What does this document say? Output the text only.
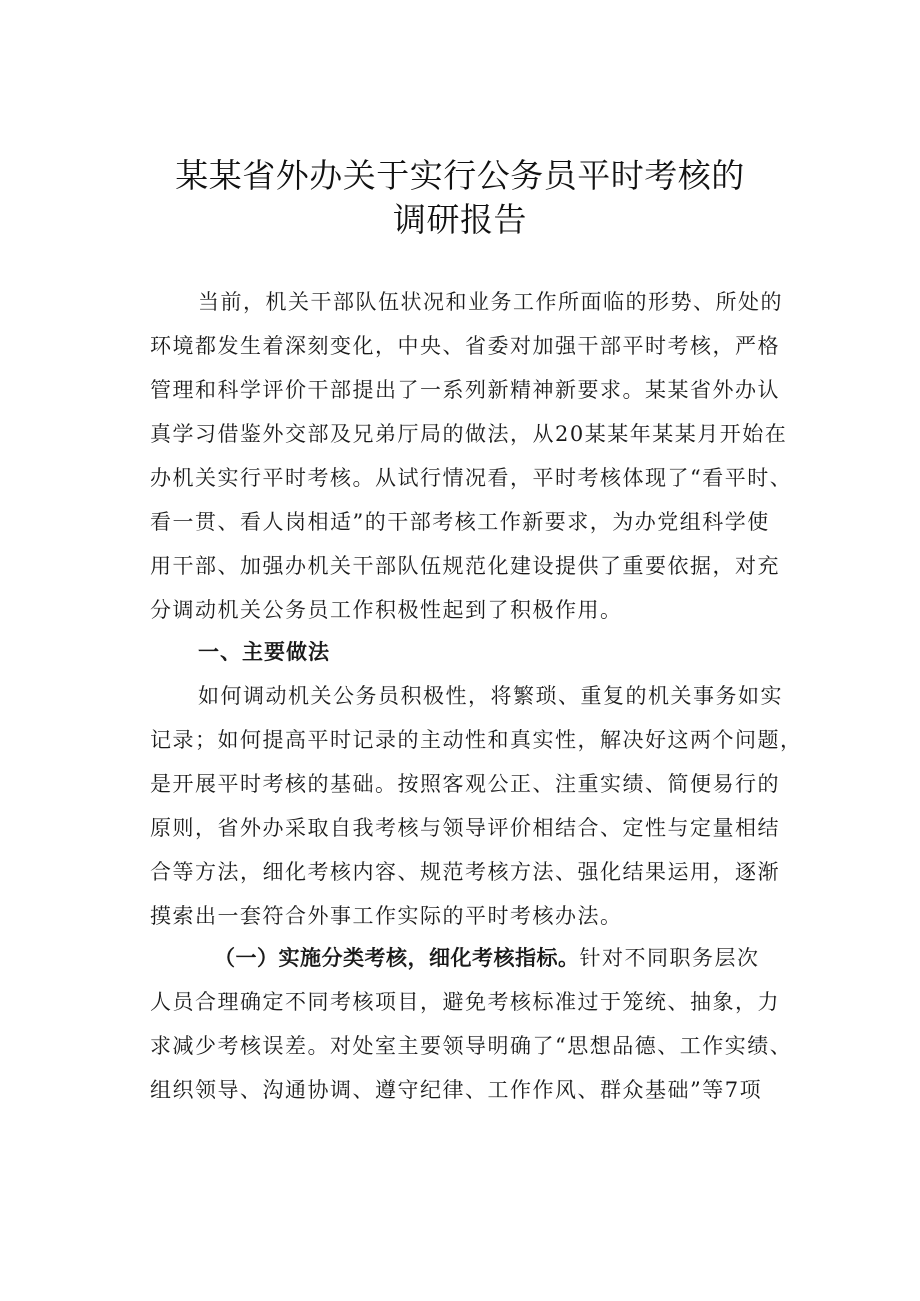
某某省外办关于实行公务员平时考核的
调研报告
当前，机关干部队伍状况和业务工作所面临的形势、所处的
环境都发生着深刻变化，中央、省委对加强干部平时考核，严格
管理和科学评价干部提出了一系列新精神新要求。某某省外办认
真学习借鉴外交部及兄弟厅局的做法，从20某某年某某月开始在
办机关实行平时考核。从试行情况看，平时考核体现了“看平时、
看一贯、看人岗相适”的干部考核工作新要求，为办党组科学使
用干部、加强办机关干部队伍规范化建设提供了重要依据，对充
分调动机关公务员工作积极性起到了积极作用。
一、主要做法
如何调动机关公务员积极性，将繁琐、重复的机关事务如实
记录；如何提高平时记录的主动性和真实性，解决好这两个问题，
是开展平时考核的基础。按照客观公正、注重实绩、简便易行的
原则，省外办采取自我考核与领导评价相结合、定性与定量相结
合等方法，细化考核内容、规范考核方法、强化结果运用，逐渐
摸索出一套符合外事工作实际的平时考核办法。
（一）实施分类考核，细化考核指标。针对不同职务层次
人员合理确定不同考核项目，避免考核标准过于笼统、抽象，力
求减少考核误差。对处室主要领导明确了“思想品德、工作实绩、
组织领导、沟通协调、遵守纪律、工作作风、群众基础”等7项
